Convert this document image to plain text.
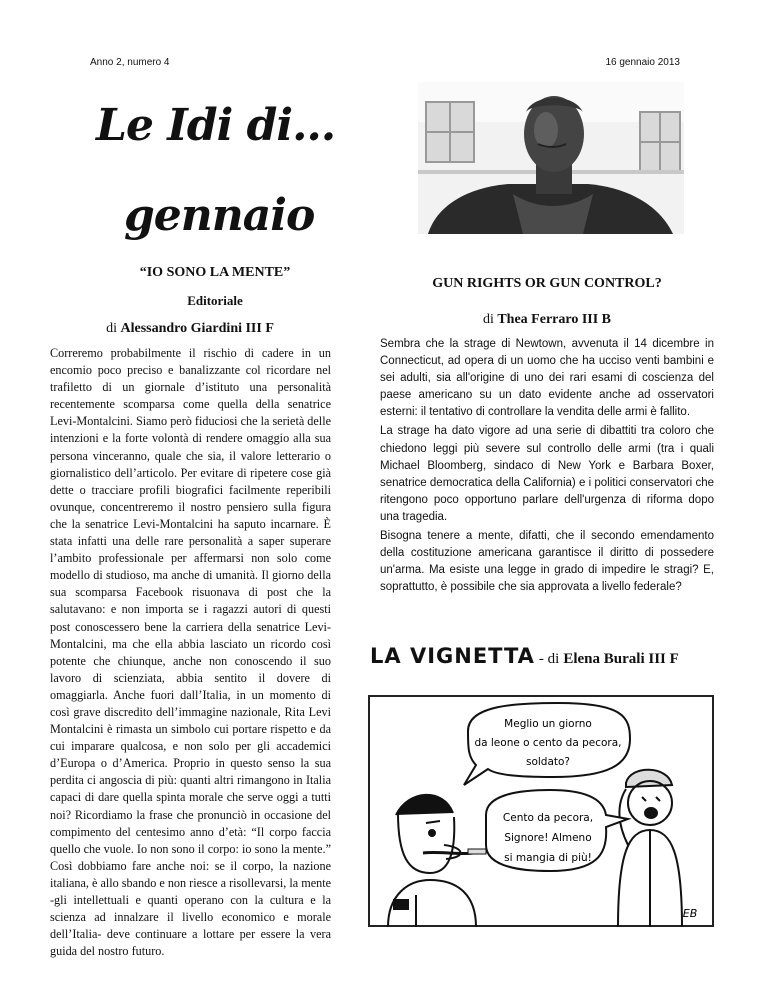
Anno 2, numero 4	16 gennaio 2013
Le Idi di…
gennaio
“IO SONO LA MENTE”
Editoriale
di Alessandro Giardini III F

Correremo probabilmente il rischio di cadere in un encomio poco preciso e banalizzante col ricordare nel trafiletto di un giornale d’istituto una personalità recentemente scomparsa come quella della senatrice Levi-Montalcini. Siamo però fiduciosi che la serietà delle intenzioni e la forte volontà di rendere omaggio alla sua persona vinceranno, quale che sia, il valore letterario o giornalistico dell’articolo. Per evitare di ripetere cose già dette o tracciare profili biografici facilmente reperibili ovunque, concentreremo il nostro pensiero sulla figura che la senatrice Levi-Montalcini ha saputo incarnare. È stata infatti una delle rare personalità a saper superare l’ambito professionale per affermarsi non solo come modello di studioso, ma anche di umanità. Il giorno della sua scomparsa Facebook risuonava di post che la salutavano: e non importa se i ragazzi autori di questi post conoscessero bene la carriera della senatrice Levi-Montalcini, ma che ella abbia lasciato un ricordo così potente che chiunque, anche non conoscendo il suo lavoro di scienziata, abbia sentito il dovere di omaggiarla. Anche fuori dall’Italia, in un momento di così grave discredito dell’immagine nazionale, Rita Levi Montalcini è rimasta un simbolo cui portare rispetto e da cui imparare qualcosa, e non solo per gli accademici d’Europa o d’America. Proprio in questo senso la sua perdita ci angoscia di più: quanti altri rimangono in Italia capaci di dare quella spinta morale che serve oggi a tutti noi? Ricordiamo la frase che pronunciò in occasione del compimento del centesimo anno d’età: “Il corpo faccia quello che vuole. Io non sono il corpo: io sono la mente.” Così dobbiamo fare anche noi: se il corpo, la nazione italiana, è allo sbando e non riesce a risollevarsi, la mente -gli intellettuali e quanti operano con la cultura e la scienza ad innalzare il livello economico e morale dell’Italia- deve continuare a lottare per essere la vera guida del nostro futuro.

GUN RIGHTS OR GUN CONTROL?
di Thea Ferraro III B

Sembra che la strage di Newtown, avvenuta il 14 dicembre in Connecticut, ad opera di un uomo che ha ucciso venti bambini e sei adulti, sia all'origine di uno dei rari esami di coscienza del paese americano su un dato evidente anche ad osservatori esterni: il tentativo di controllare la vendita delle armi è fallito.

La strage ha dato vigore ad una serie di dibattiti tra coloro che chiedono leggi più severe sul controllo delle armi (tra i quali Michael Bloomberg, sindaco di New York e Barbara Boxer, senatrice democratica della California) e i politici conservatori che ritengono poco opportuno parlare dell'urgenza di riforma dopo una tragedia.

Bisogna tenere a mente, difatti, che il secondo emendamento della costituzione americana garantisce il diritto di possedere un'arma. Ma esiste una legge in grado di impedire le stragi? E, soprattutto, è possibile che sia approvata a livello federale?

LA VIGNETTA - di Elena Burali III F
Meglio un giorno
da leone o cento da pecora,
soldato?
Cento da pecora,
Signore! Almeno
si mangia di più!
EB
